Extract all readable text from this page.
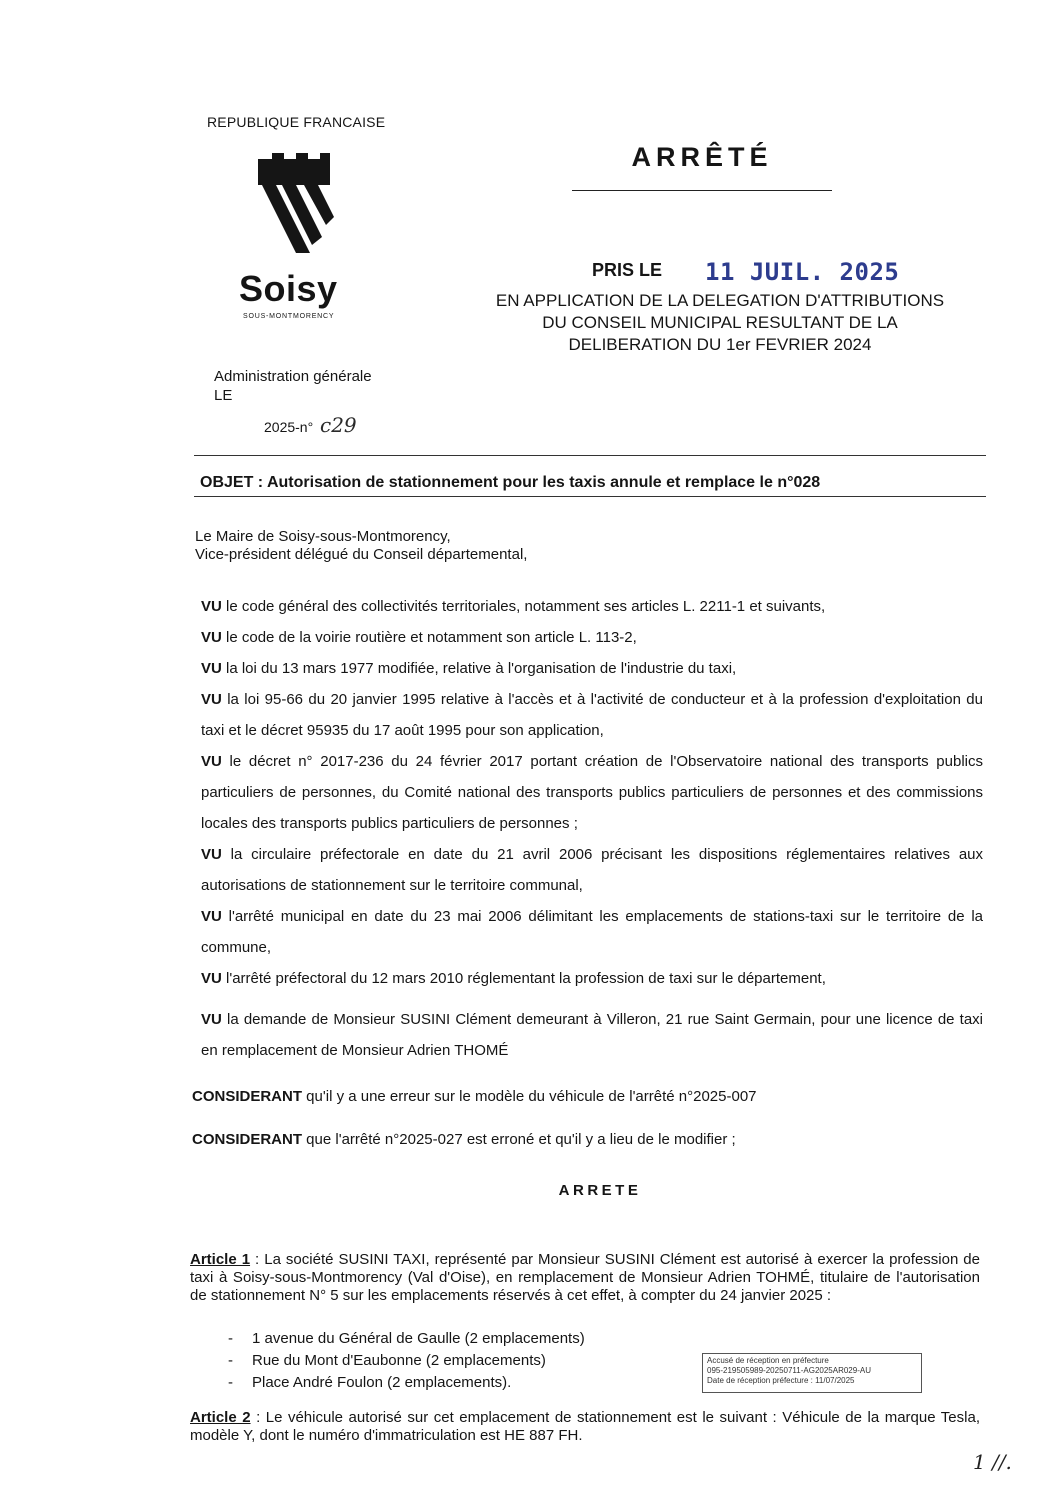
REPUBLIQUE FRANCAISE
Soisy
SOUS-MONTMORENCY
ARRÊTÉ
PRIS LE 11 JUIL. 2025
EN APPLICATION DE LA DELEGATION D'ATTRIBUTIONS
DU CONSEIL MUNICIPAL RESULTANT DE LA
DELIBERATION DU 1er FEVRIER 2024
Administration générale
LE
2025-n° c29
OBJET : Autorisation de stationnement pour les taxis annule et remplace le n°028
Le Maire de Soisy-sous-Montmorency,
Vice-président délégué du Conseil départemental,
VU le code général des collectivités territoriales, notamment ses articles L. 2211-1 et suivants,
VU le code de la voirie routière et notamment son article L. 113-2,
VU la loi du 13 mars 1977 modifiée, relative à l'organisation de l'industrie du taxi,
VU la loi 95-66 du 20 janvier 1995 relative à l'accès et à l'activité de conducteur et à la profession d'exploitation du taxi et le décret 95935 du 17 août 1995 pour son application,
VU le décret n° 2017-236 du 24 février 2017 portant création de l'Observatoire national des transports publics particuliers de personnes, du Comité national des transports publics particuliers de personnes et des commissions locales des transports publics particuliers de personnes ;
VU la circulaire préfectorale en date du 21 avril 2006 précisant les dispositions réglementaires relatives aux autorisations de stationnement sur le territoire communal,
VU l'arrêté municipal en date du 23 mai 2006 délimitant les emplacements de stations-taxi sur le territoire de la commune,
VU l'arrêté préfectoral du 12 mars 2010 réglementant la profession de taxi sur le département,
VU la demande de Monsieur SUSINI Clément demeurant à Villeron, 21 rue Saint Germain, pour une licence de taxi en remplacement de Monsieur Adrien THOMÉ
CONSIDERANT qu'il y a une erreur sur le modèle du véhicule de l'arrêté n°2025-007
CONSIDERANT que l'arrêté n°2025-027 est erroné et qu'il y a lieu de le modifier ;
ARRETE
Article 1 : La société SUSINI TAXI, représenté par Monsieur SUSINI Clément est autorisé à exercer la profession de taxi à Soisy-sous-Montmorency (Val d'Oise), en remplacement de Monsieur Adrien TOHMÉ, titulaire de l'autorisation de stationnement N° 5 sur les emplacements réservés à cet effet, à compter du 24 janvier 2025 :
- 1 avenue du Général de Gaulle (2 emplacements)
- Rue du Mont d'Eaubonne (2 emplacements)
- Place André Foulon (2 emplacements).
Accusé de réception en préfecture
095-219505989-20250711-AG2025AR029-AU
Date de réception préfecture : 11/07/2025
Article 2 : Le véhicule autorisé sur cet emplacement de stationnement est le suivant : Véhicule de la marque Tesla, modèle Y, dont le numéro d'immatriculation est HE 887 FH.
1 //.
